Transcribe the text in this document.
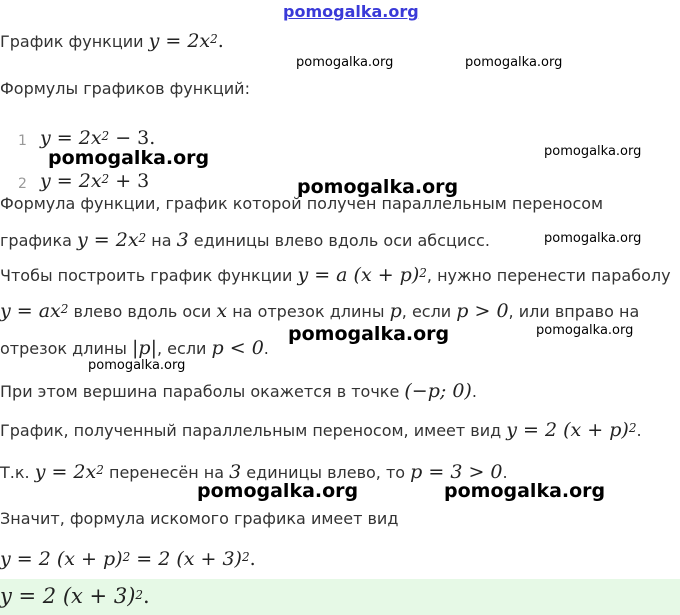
pomogalka.org
График функции $y = 2x^2$.
Формулы графиков функций:
1 $y = 2x^2 - 3$.
2 $y = 2x^2 + 3$
Формула функции, график которой получен параллельным переносом
графика $y = 2x^2$ на 3 единицы влево вдоль оси абсцисс.
Чтобы построить график функции y = a $(x + p)^2$, нужно перенести параболу
$y = ax^2$ влево вдоль оси x на отрезок длины p, если p > 0, или вправо на
отрезок длины |p|, если p < 0.
При этом вершина параболы окажется в точке (−p; 0).
График, полученный параллельным переносом, имеет вид y = 2 $(x + p)^2$.
Т.к. $y = 2x^2$ перенесён на 3 единицы влево, то p = 3 > 0.
Значит, формула искомого графика имеет вид
y = 2 $(x + p)^2 = 2$ $(x + 3)^2$.
y = 2 $(x + 3)^2$.
pomogalka.org	pomogalka.org
pomogalka.org	pomogalka.org
pomogalka.org
pomogalka.org
pomogalka.org	pomogalka.org
pomogalka.org
pomogalka.org	pomogalka.org
